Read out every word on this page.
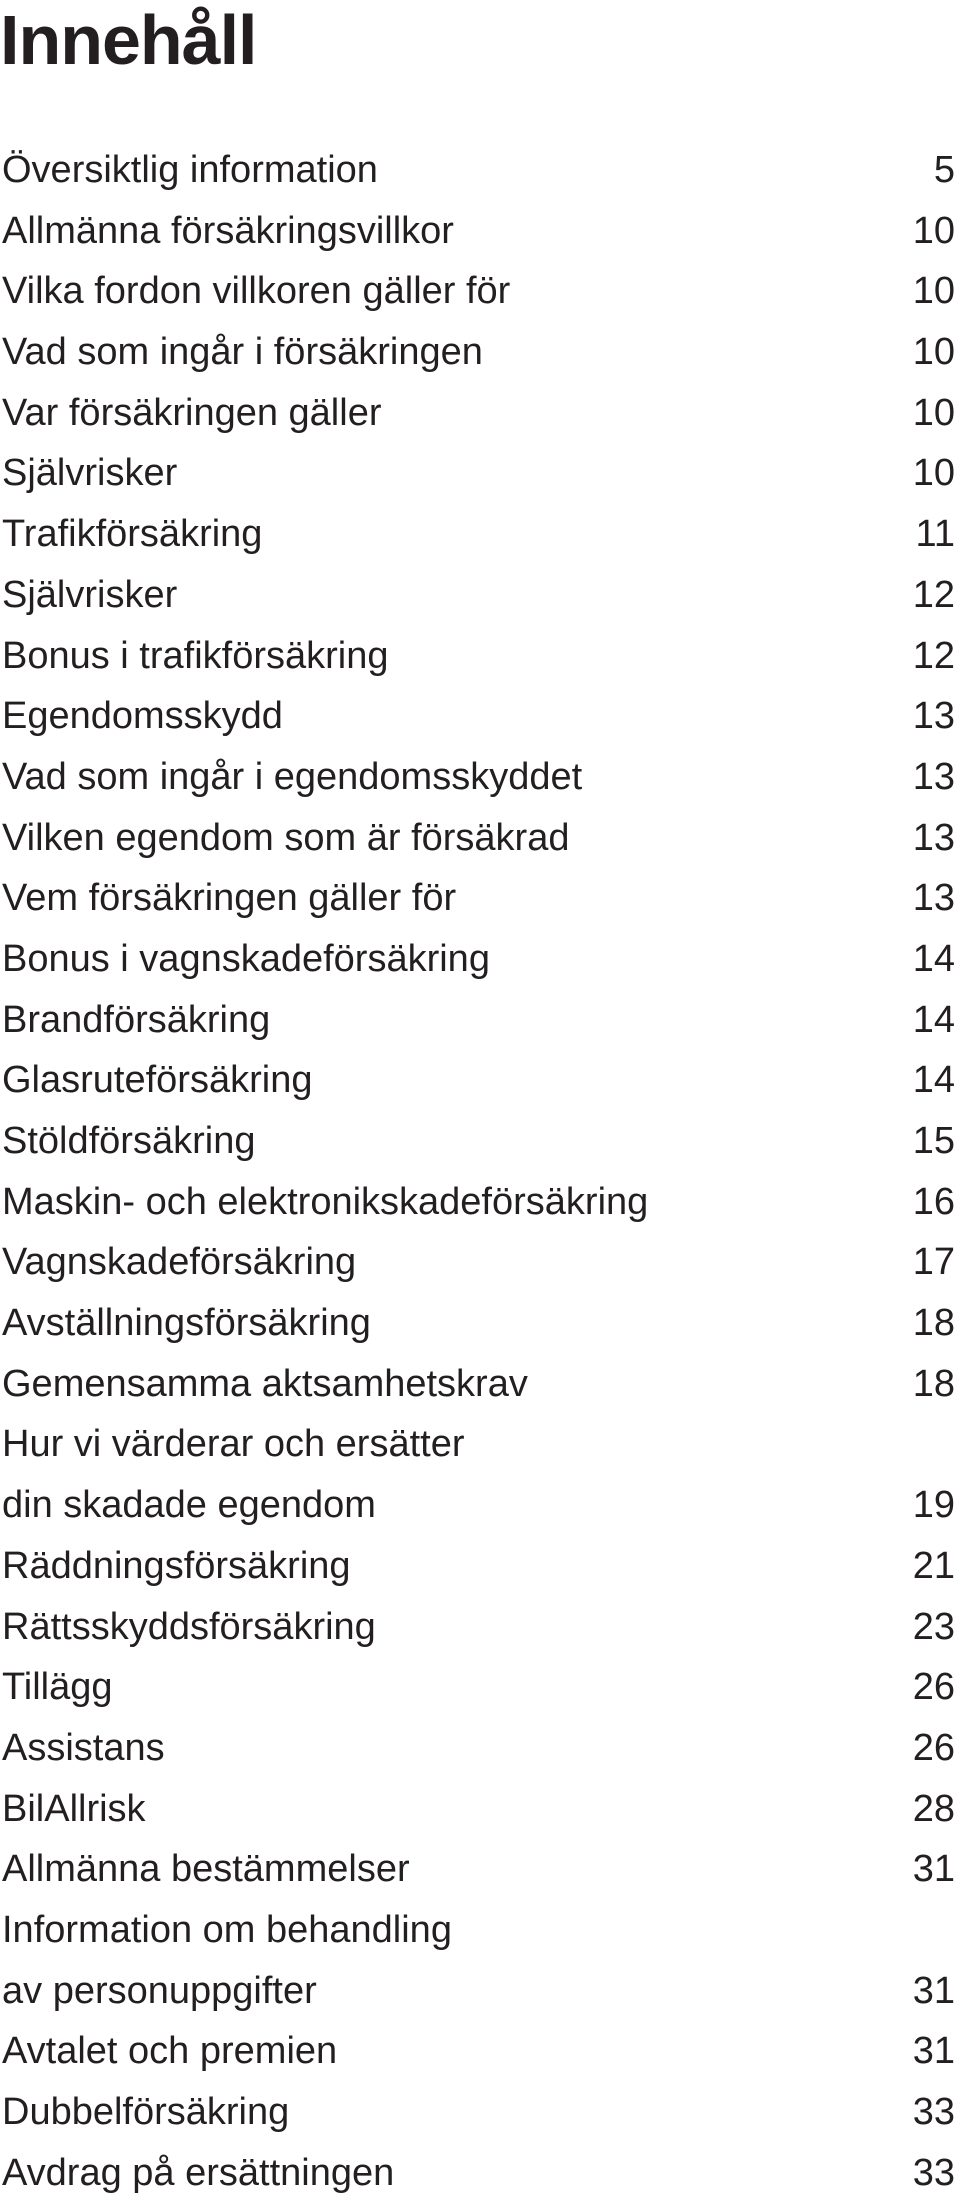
Innehåll
Översiktlig information	5
Allmänna försäkringsvillkor	10
Vilka fordon villkoren gäller för	10
Vad som ingår i försäkringen	10
Var försäkringen gäller	10
Självrisker	10
Trafikförsäkring	11
Självrisker	12
Bonus i trafikförsäkring	12
Egendomsskydd	13
Vad som ingår i egendomsskyddet	13
Vilken egendom som är försäkrad	13
Vem försäkringen gäller för	13
Bonus i vagnskadeförsäkring	14
Brandförsäkring	14
Glasruteförsäkring	14
Stöldförsäkring	15
Maskin- och elektronikskadeförsäkring	16
Vagnskadeförsäkring	17
Avställningsförsäkring	18
Gemensamma aktsamhetskrav	18
Hur vi värderar och ersätter
din skadade egendom	19
Räddningsförsäkring	21
Rättsskyddsförsäkring	23
Tillägg	26
Assistans	26
BilAllrisk	28
Allmänna bestämmelser	31
Information om behandling
av personuppgifter	31
Avtalet och premien	31
Dubbelförsäkring	33
Avdrag på ersättningen	33
